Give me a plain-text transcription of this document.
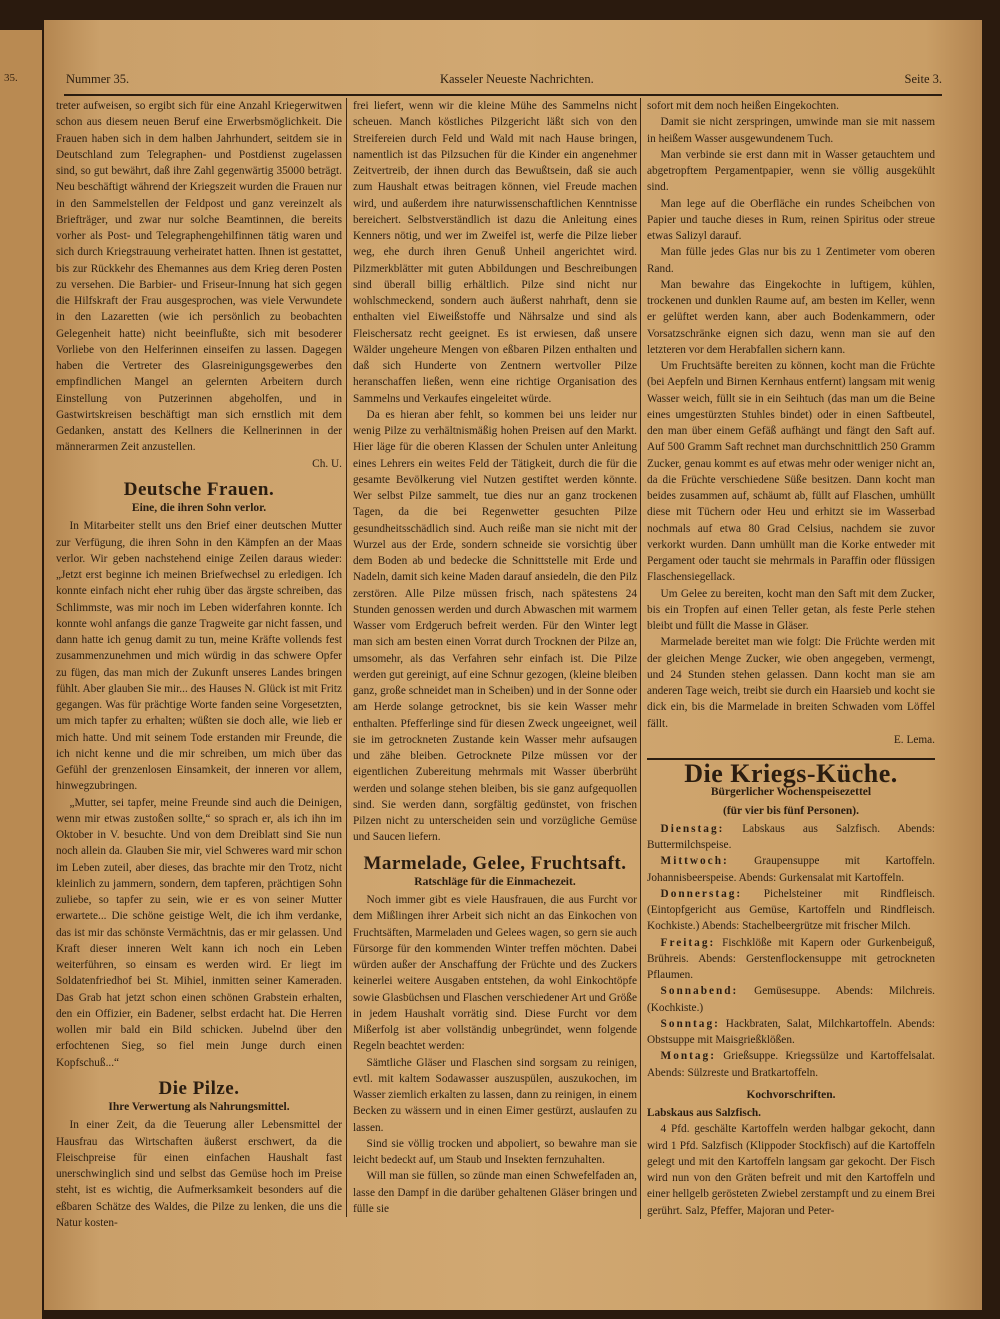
35.	Nummer 35.	Kasseler Neueste Nachrichten.	Seite 3.

treter aufweisen, so ergibt sich für eine Anzahl Kriegerwitwen schon aus diesem neuen Beruf eine Erwerbsmöglichkeit. Die Frauen haben sich in dem halben Jahrhundert, seitdem sie in Deutschland zum Telegraphen- und Postdienst zugelassen sind, so gut bewährt, daß ihre Zahl gegenwärtig 35000 beträgt. Neu beschäftigt während der Kriegszeit wurden die Frauen nur in den Sammelstellen der Feldpost und ganz vereinzelt als Briefträger, und zwar nur solche Beamtinnen, die bereits vorher als Post- und Telegraphengehilfinnen tätig waren und sich durch Kriegstrauung verheiratet hatten. Ihnen ist gestattet, bis zur Rückkehr des Ehemannes aus dem Krieg deren Posten zu versehen. Die Barbier- und Friseur-Innung hat sich gegen die Hilfskraft der Frau ausgesprochen, was viele Verwundete in den Lazaretten (wie ich persönlich zu beobachten Gelegenheit hatte) nicht beeinflußte, sich mit besoderer Vorliebe von den Helferinnen einseifen zu lassen. Dagegen haben die Vertreter des Glasreinigungsgewerbes den empfindlichen Mangel an gelernten Arbeitern durch Einstellung von Putzerinnen abgeholfen, und in Gastwirtskreisen beschäftigt man sich ernstlich mit dem Gedanken, anstatt des Kellners die Kellnerinnen in der männerarmen Zeit anzustellen.

Ch. U.

Deutsche Frauen.
Eine, die ihren Sohn verlor.

In Mitarbeiter stellt uns den Brief einer deutschen Mutter zur Verfügung, die ihren Sohn in den Kämpfen an der Maas verlor. Wir geben nachstehend einige Zeilen daraus wieder: „Jetzt erst beginne ich meinen Briefwechsel zu erledigen. Ich konnte einfach nicht eher ruhig über das ärgste schreiben, das Schlimmste, was mir noch im Leben widerfahren konnte. Ich konnte wohl anfangs die ganze Tragweite gar nicht fassen, und dann hatte ich genug damit zu tun, meine Kräfte vollends fest zusammenzunehmen und mich würdig in das schwere Opfer zu fügen, das man mich der Zukunft unseres Landes bringen fühlt. Aber glauben Sie mir... des Hauses N. Glück ist mit Fritz gegangen. Was für prächtige Worte fanden seine Vorgesetzten, um mich tapfer zu erhalten; wüßten sie doch alle, wie lieb er mich hatte. Und mit seinem Tode erstanden mir Freunde, die ich nicht kenne und die mir schreiben, um mich über das Gefühl der grenzenlosen Einsamkeit, der inneren vor allem, hinwegzubringen.

„Mutter, sei tapfer, meine Freunde sind auch die Deinigen, wenn mir etwas zustoßen sollte,“ so sprach er, als ich ihn im Oktober in V. besuchte. Und von dem Dreiblatt sind Sie nun noch allein da. Glauben Sie mir, viel Schweres ward mir schon im Leben zuteil, aber dieses, das brachte mir den Trotz, nicht kleinlich zu jammern, sondern, dem tapferen, prächtigen Sohn zuliebe, so tapfer zu sein, wie er es von seiner Mutter erwartete... Die schöne geistige Welt, die ich ihm verdanke, das ist mir das schönste Vermächtnis, das er mir gelassen. Und Kraft dieser inneren Welt kann ich noch ein Leben weiterführen, so einsam es werden wird. Er liegt im Soldatenfriedhof bei St. Mihiel, inmitten seiner Kameraden. Das Grab hat jetzt schon einen schönen Grabstein erhalten, den ein Offizier, ein Badener, selbst erdacht hat. Die Herren wollen mir bald ein Bild schicken. Jubelnd über den erfochtenen Sieg, so fiel mein Junge durch einen Kopfschuß...“

Die Pilze.
Ihre Verwertung als Nahrungsmittel.

In einer Zeit, da die Teuerung aller Lebensmittel der Hausfrau das Wirtschaften äußerst erschwert, da die Fleischpreise für einen einfachen Haushalt fast unerschwinglich sind und selbst das Gemüse hoch im Preise steht, ist es wichtig, die Aufmerksamkeit besonders auf die eßbaren Schätze des Waldes, die Pilze zu lenken, die uns die Natur kosten-

frei liefert, wenn wir die kleine Mühe des Sammelns nicht scheuen. Manch köstliches Pilzgericht läßt sich von den Streifereien durch Feld und Wald mit nach Hause bringen, namentlich ist das Pilzsuchen für die Kinder ein angenehmer Zeitvertreib, der ihnen durch das Bewußtsein, daß sie auch zum Haushalt etwas beitragen können, viel Freude machen wird, und außerdem ihre naturwissenschaftlichen Kenntnisse bereichert. Selbstverständlich ist dazu die Anleitung eines Kenners nötig, und wer im Zweifel ist, werfe die Pilze lieber weg, ehe durch ihren Genuß Unheil angerichtet wird. Pilzmerkblätter mit guten Abbildungen und Beschreibungen sind überall billig erhältlich. Pilze sind nicht nur wohlschmeckend, sondern auch äußerst nahrhaft, denn sie enthalten viel Eiweißstoffe und Nährsalze und sind als Fleischersatz recht geeignet. Es ist erwiesen, daß unsere Wälder ungeheure Mengen von eßbaren Pilzen enthalten und daß sich Hunderte von Zentnern wertvoller Pilze heranschaffen ließen, wenn eine richtige Organisation des Sammelns und Verkaufes eingeleitet würde.

Da es hieran aber fehlt, so kommen bei uns leider nur wenig Pilze zu verhältnismäßig hohen Preisen auf den Markt. Hier läge für die oberen Klassen der Schulen unter Anleitung eines Lehrers ein weites Feld der Tätigkeit, durch die für die gesamte Bevölkerung viel Nutzen gestiftet werden könnte. Wer selbst Pilze sammelt, tue dies nur an ganz trockenen Tagen, da die bei Regenwetter gesuchten Pilze gesundheitsschädlich sind. Auch reiße man sie nicht mit der Wurzel aus der Erde, sondern schneide sie vorsichtig über dem Boden ab und bedecke die Schnittstelle mit Erde und Nadeln, damit sich keine Maden darauf ansiedeln, die den Pilz zerstören. Alle Pilze müssen frisch, nach spätestens 24 Stunden genossen werden und durch Abwaschen mit warmem Wasser vom Erdgeruch befreit werden. Für den Winter legt man sich am besten einen Vorrat durch Trocknen der Pilze an, umsomehr, als das Verfahren sehr einfach ist. Die Pilze werden gut gereinigt, auf eine Schnur gezogen, (kleine bleiben ganz, große schneidet man in Scheiben) und in der Sonne oder am Herde solange getrocknet, bis sie kein Wasser mehr enthalten. Pfefferlinge sind für diesen Zweck ungeeignet, weil sie im getrockneten Zustande kein Wasser mehr aufsaugen und zähe bleiben. Getrocknete Pilze müssen vor der eigentlichen Zubereitung mehrmals mit Wasser überbrüht werden und solange stehen bleiben, bis sie ganz aufgequollen sind. Sie werden dann, sorgfältig gedünstet, von frischen Pilzen nicht zu unterscheiden sein und vorzügliche Gemüse und Saucen liefern.

Marmelade, Gelee, Fruchtsaft.
Ratschläge für die Einmachezeit.

Noch immer gibt es viele Hausfrauen, die aus Furcht vor dem Mißlingen ihrer Arbeit sich nicht an das Einkochen von Fruchtsäften, Marmeladen und Gelees wagen, so gern sie auch Fürsorge für den kommenden Winter treffen möchten. Dabei würden außer der Anschaffung der Früchte und des Zuckers keinerlei weitere Ausgaben entstehen, da wohl Einkochtöpfe sowie Glasbüchsen und Flaschen verschiedener Art und Größe in jedem Haushalt vorrätig sind. Diese Furcht vor dem Mißerfolg ist aber vollständig unbegründet, wenn folgende Regeln beachtet werden:

Sämtliche Gläser und Flaschen sind sorgsam zu reinigen, evtl. mit kaltem Sodawasser auszuspülen, auszukochen, im Wasser ziemlich erkalten zu lassen, dann zu reinigen, in einem Becken zu wässern und in einen Eimer gestürzt, auslaufen zu lassen.

Sind sie völlig trocken und abpoliert, so bewahre man sie leicht bedeckt auf, um Staub und Insekten fernzuhalten.

Will man sie füllen, so zünde man einen Schwefelfaden an, lasse den Dampf in die darüber gehaltenen Gläser bringen und fülle sie

sofort mit dem noch heißen Eingekochten.

Damit sie nicht zerspringen, umwinde man sie mit nassem in heißem Wasser ausgewundenem Tuch.

Man verbinde sie erst dann mit in Wasser getauchtem und abgetropftem Pergamentpapier, wenn sie völlig ausgekühlt sind.

Man lege auf die Oberfläche ein rundes Scheibchen von Papier und tauche dieses in Rum, reinen Spiritus oder streue etwas Salizyl darauf.

Man fülle jedes Glas nur bis zu 1 Zentimeter vom oberen Rand.

Man bewahre das Eingekochte in luftigem, kühlen, trockenen und dunklen Raume auf, am besten im Keller, wenn er gelüftet werden kann, aber auch Bodenkammern, oder Vorsatzschränke eignen sich dazu, wenn man sie auf den letzteren vor dem Herabfallen sichern kann.

Um Fruchtsäfte bereiten zu können, kocht man die Früchte (bei Aepfeln und Birnen Kernhaus entfernt) langsam mit wenig Wasser weich, füllt sie in ein Seihtuch (das man um die Beine eines umgestürzten Stuhles bindet) oder in einen Saftbeutel, den man über einem Gefäß aufhängt und fängt den Saft auf. Auf 500 Gramm Saft rechnet man durchschnittlich 250 Gramm Zucker, genau kommt es auf etwas mehr oder weniger nicht an, da die Früchte verschiedene Süße besitzen. Dann kocht man beides zusammen auf, schäumt ab, füllt auf Flaschen, umhüllt diese mit Tüchern oder Heu und erhitzt sie im Wasserbad nochmals auf etwa 80 Grad Celsius, nachdem sie zuvor verkorkt wurden. Dann umhüllt man die Korke entweder mit Pergament oder taucht sie mehrmals in Paraffin oder flüssigen Flaschensiegellack.

Um Gelee zu bereiten, kocht man den Saft mit dem Zucker, bis ein Tropfen auf einen Teller getan, als feste Perle stehen bleibt und füllt die Masse in Gläser.

Marmelade bereitet man wie folgt: Die Früchte werden mit der gleichen Menge Zucker, wie oben angegeben, vermengt, und 24 Stunden stehen gelassen. Dann kocht man sie am anderen Tage weich, treibt sie durch ein Haarsieb und kocht sie dick ein, bis die Marmelade in breiten Schwaden vom Löffel fällt.

E. Lema.

Die Kriegs-Küche.
Bürgerlicher Wochenspeisezettel
(für vier bis fünf Personen).

Dienstag: Labskaus aus Salzfisch. Abends: Buttermilchspeise.

Mittwoch: Graupensuppe mit Kartoffeln. Johannisbeerspeise. Abends: Gurkensalat mit Kartoffeln.

Donnerstag: Pichelsteiner mit Rindfleisch. (Eintopfgericht aus Gemüse, Kartoffeln und Rindfleisch. Kochkiste.) Abends: Stachelbeergrütze mit frischer Milch.

Freitag: Fischklöße mit Kapern oder Gurkenbeiguß, Brühreis. Abends: Gerstenflockensuppe mit getrockneten Pflaumen.

Sonnabend: Gemüsesuppe. Abends: Milchreis. (Kochkiste.)

Sonntag: Hackbraten, Salat, Milchkartoffeln. Abends: Obstsuppe mit Maisgrießklößen.

Montag: Grießsuppe. Kriegssülze und Kartoffelsalat. Abends: Sülzreste und Bratkartoffeln.

Kochvorschriften.

Labskaus aus Salzfisch.

4 Pfd. geschälte Kartoffeln werden halbgar gekocht, dann wird 1 Pfd. Salzfisch (Klippoder Stockfisch) auf die Kartoffeln gelegt und mit den Kartoffeln langsam gar gekocht. Der Fisch wird nun von den Gräten befreit und mit den Kartoffeln und einer hellgelb gerösteten Zwiebel zerstampft und zu einem Brei gerührt. Salz, Pfeffer, Majoran und Peter-
